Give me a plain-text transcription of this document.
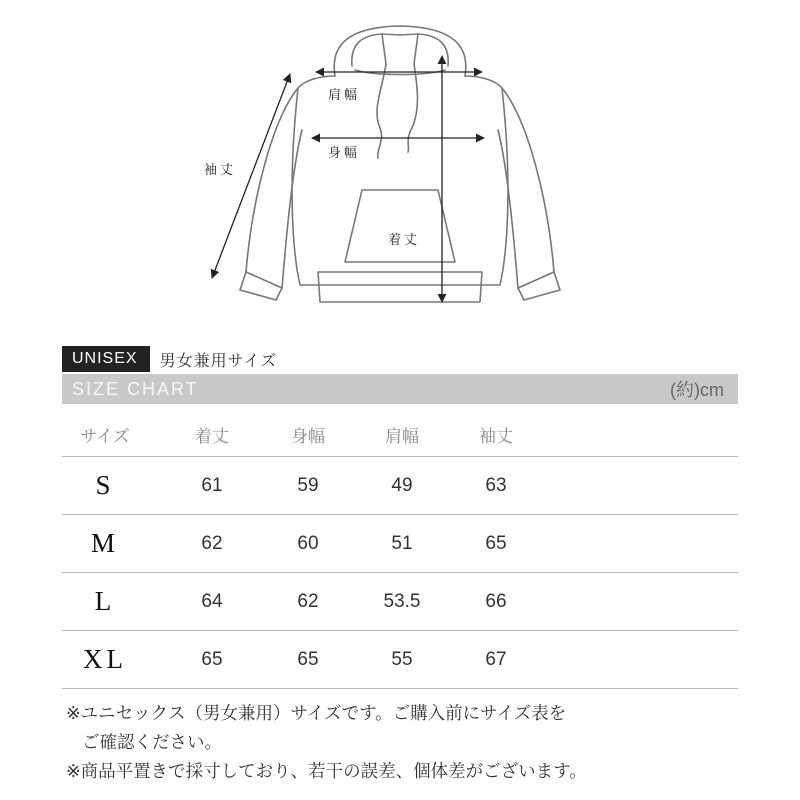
肩幅
身幅
袖丈
着丈
UNISEX	男女兼用サイズ
SIZE CHART	(約)cm
サイズ	着丈	身幅	肩幅	袖丈
S	61	59	49	63
M	62	60	51	65
L	64	62	53.5	66
XL	65	65	55	67
※ユニセックス（男女兼用）サイズです。ご購入前にサイズ表を
ご確認ください。
※商品平置きで採寸しており、若干の誤差、個体差がございます。
